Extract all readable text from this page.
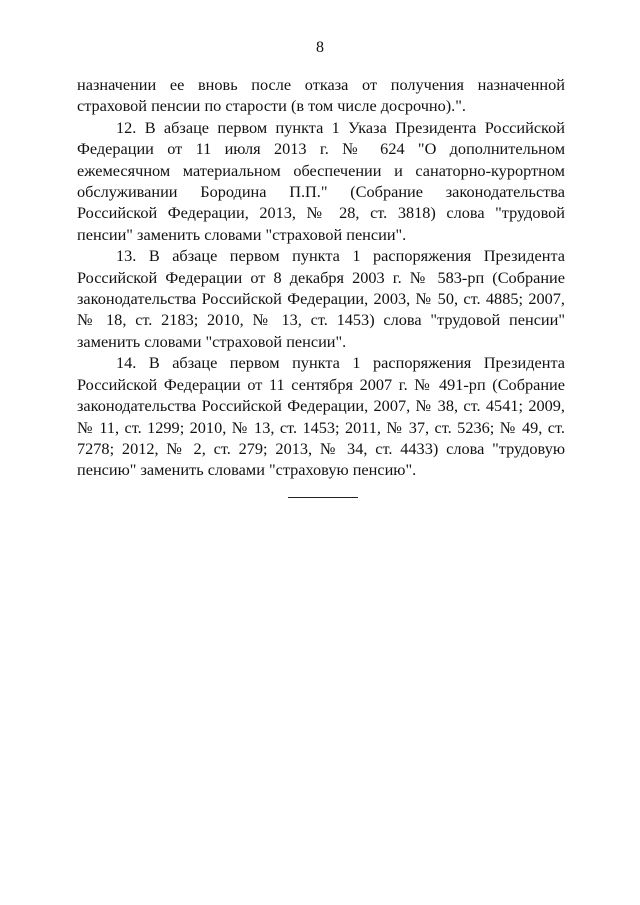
8

назначении ее вновь после отказа от получения назначенной страховой пенсии по старости (в том числе досрочно).".

12. В абзаце первом пункта 1 Указа Президента Российской Федерации от 11 июля 2013 г. № 624 "О дополнительном ежемесячном материальном обеспечении и санаторно-курортном обслуживании Бородина П.П." (Собрание законодательства Российской Федерации, 2013, № 28, ст. 3818) слова "трудовой пенсии" заменить словами "страховой пенсии".

13. В абзаце первом пункта 1 распоряжения Президента Российской Федерации от 8 декабря 2003 г. № 583-рп (Собрание законодательства Российской Федерации, 2003, № 50, ст. 4885; 2007, № 18, ст. 2183; 2010, № 13, ст. 1453) слова "трудовой пенсии" заменить словами "страховой пенсии".

14. В абзаце первом пункта 1 распоряжения Президента Российской Федерации от 11 сентября 2007 г. № 491-рп (Собрание законодательства Российской Федерации, 2007, № 38, ст. 4541; 2009, № 11, ст. 1299; 2010, № 13, ст. 1453; 2011, № 37, ст. 5236; № 49, ст. 7278; 2012, № 2, ст. 279; 2013, № 34, ст. 4433) слова "трудовую пенсию" заменить словами "страховую пенсию".
